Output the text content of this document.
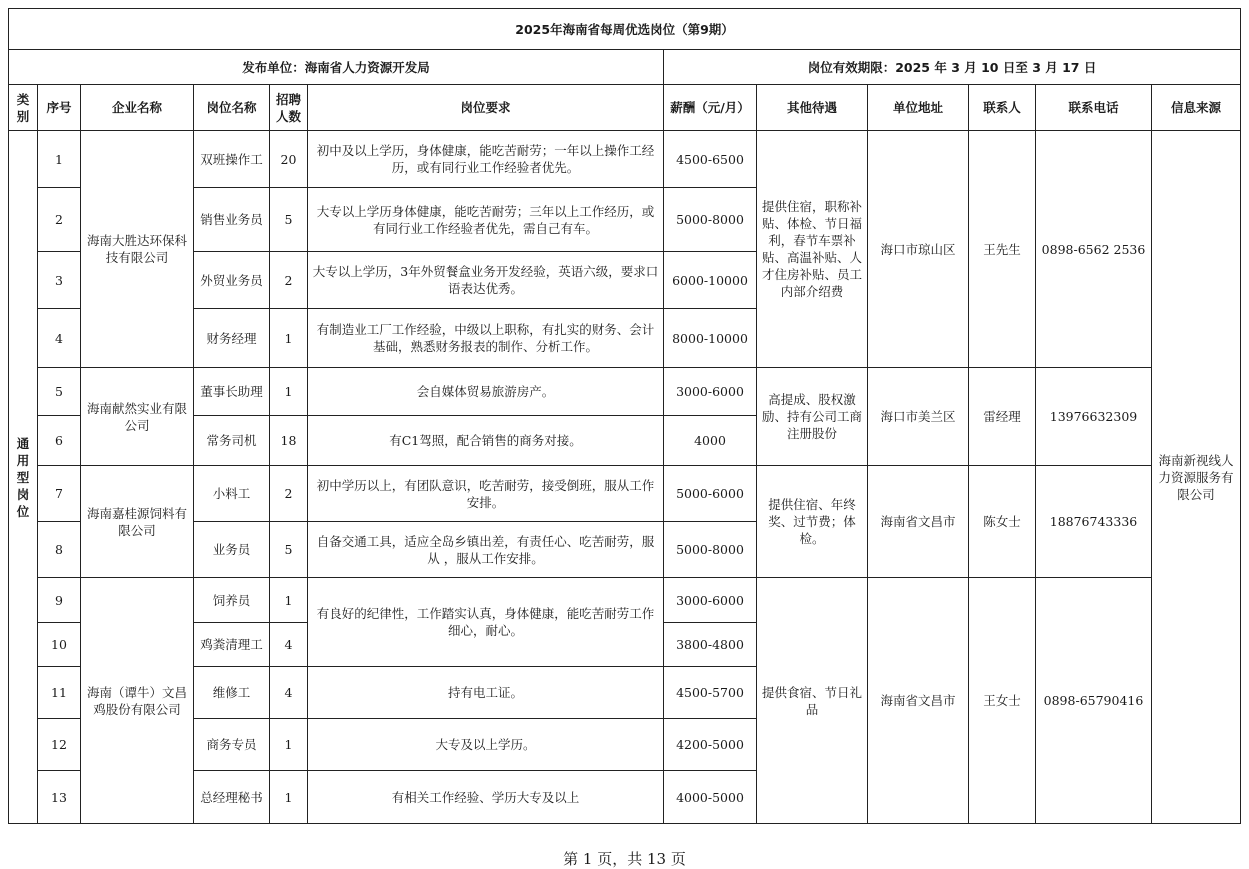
2025年海南省每周优选岗位（第9期）											
发布单位：海南省人力资源开发局						岗位有效期限：2025 年 3 月 10 日至 3 月 17 日					
类别	序号	企业名称	岗位名称	招聘人数	岗位要求	薪酬（元/月）	其他待遇	单位地址	联系人	联系电话	信息来源

通用型岗位	1	海南大胜达环保科技有限公司	双班操作工	20	初中及以上学历，身体健康，能吃苦耐劳；一年以上操作工经历，或有同行业工作经验者优先。	4500-6500	提供住宿，职称补贴、体检、节日福利，春节车票补贴、高温补贴、人才住房补贴、员工内部介绍费	海口市琼山区	王先生	0898-6562 2536	海南新视线人力资源服务有限公司
	2		销售业务员	5	大专以上学历身体健康，能吃苦耐劳；三年以上工作经历，或有同行业工作经验者优先，需自己有车。	5000-8000					
	3		外贸业务员	2	大专以上学历，3年外贸餐盒业务开发经验，英语六级，要求口语表达优秀。	6000-10000					
	4		财务经理	1	有制造业工厂工作经验，中级以上职称，有扎实的财务、会计基础，熟悉财务报表的制作、分析工作。	8000-10000					
	5	海南献然实业有限公司	董事长助理	1	会自媒体贸易旅游房产。	3000-6000	高提成、股权激励、持有公司工商注册股份	海口市美兰区	雷经理	13976632309	
	6		常务司机	18	有C1驾照，配合销售的商务对接。	4000					
	7	海南嘉桂源饲料有限公司	小料工	2	初中学历以上，有团队意识，吃苦耐劳，接受倒班，服从工作安排。	5000-6000	提供住宿、年终奖、过节费；体检。	海南省文昌市	陈女士	18876743336	
	8		业务员	5	自备交通工具，适应全岛乡镇出差，有责任心、吃苦耐劳，服从 ，服从工作安排。	5000-8000					
	9	海南（谭牛）文昌鸡股份有限公司	饲养员	1	有良好的纪律性，工作踏实认真，身体健康，能吃苦耐劳工作细心，耐心。	3000-6000	提供食宿、节日礼品	海南省文昌市	王女士	0898-65790416	
	10		鸡粪清理工	4		3800-4800					
	11		维修工	4	持有电工证。	4500-5700					
	12		商务专员	1	大专及以上学历。	4200-5000					
	13		总经理秘书	1	有相关工作经验、学历大专及以上	4000-5000					
第 1 页，共 13 页
